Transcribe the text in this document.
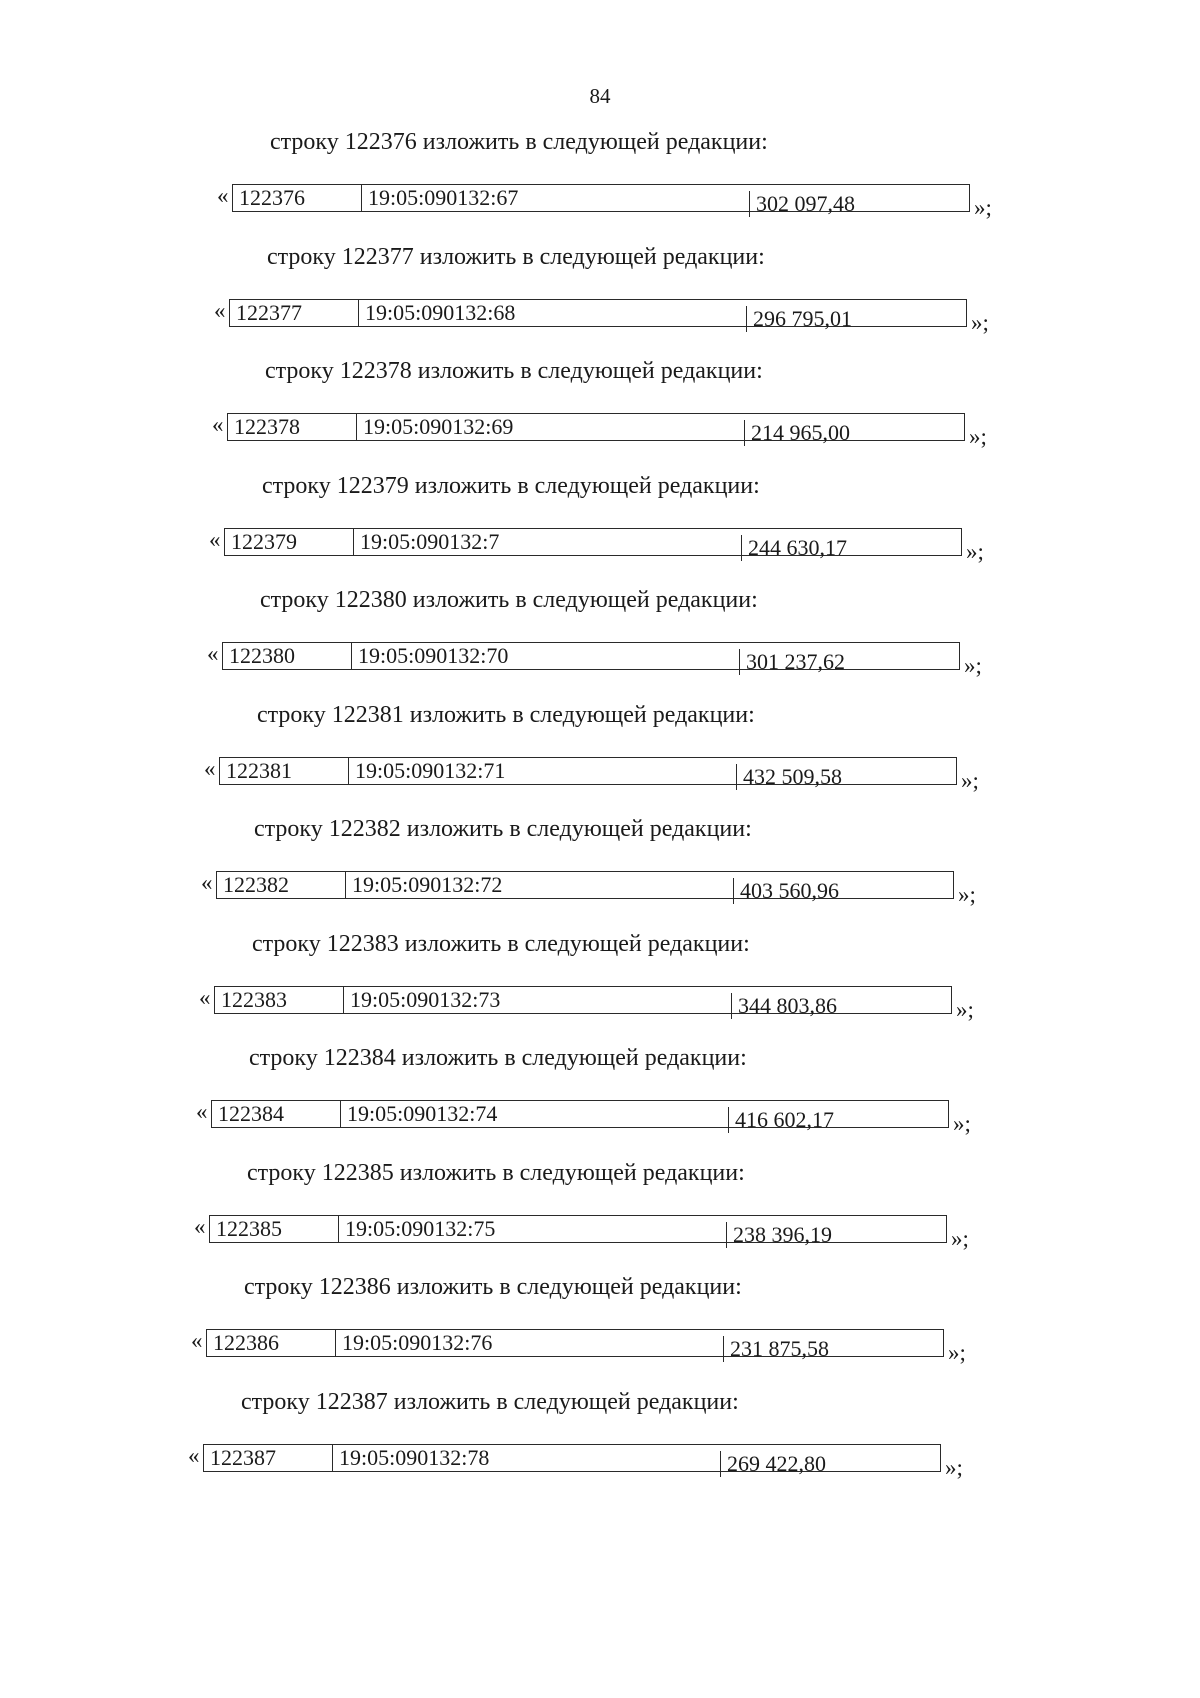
84
строку 122376 изложить в следующей редакции:
« 122376	19:05:090132:67	302 097,48	»;
строку 122377 изложить в следующей редакции:
« 122377	19:05:090132:68	296 795,01	»;
строку 122378 изложить в следующей редакции:
« 122378	19:05:090132:69	214 965,00	»;
строку 122379 изложить в следующей редакции:
« 122379	19:05:090132:7	244 630,17	»;
строку 122380 изложить в следующей редакции:
« 122380	19:05:090132:70	301 237,62	»;
строку 122381 изложить в следующей редакции:
« 122381	19:05:090132:71	432 509,58	»;
строку 122382 изложить в следующей редакции:
« 122382	19:05:090132:72	403 560,96	»;
строку 122383 изложить в следующей редакции:
« 122383	19:05:090132:73	344 803,86	»;
строку 122384 изложить в следующей редакции:
« 122384	19:05:090132:74	416 602,17	»;
строку 122385 изложить в следующей редакции:
« 122385	19:05:090132:75	238 396,19	»;
строку 122386 изложить в следующей редакции:
« 122386	19:05:090132:76	231 875,58	»;
строку 122387 изложить в следующей редакции:
« 122387	19:05:090132:78	269 422,80	»;
